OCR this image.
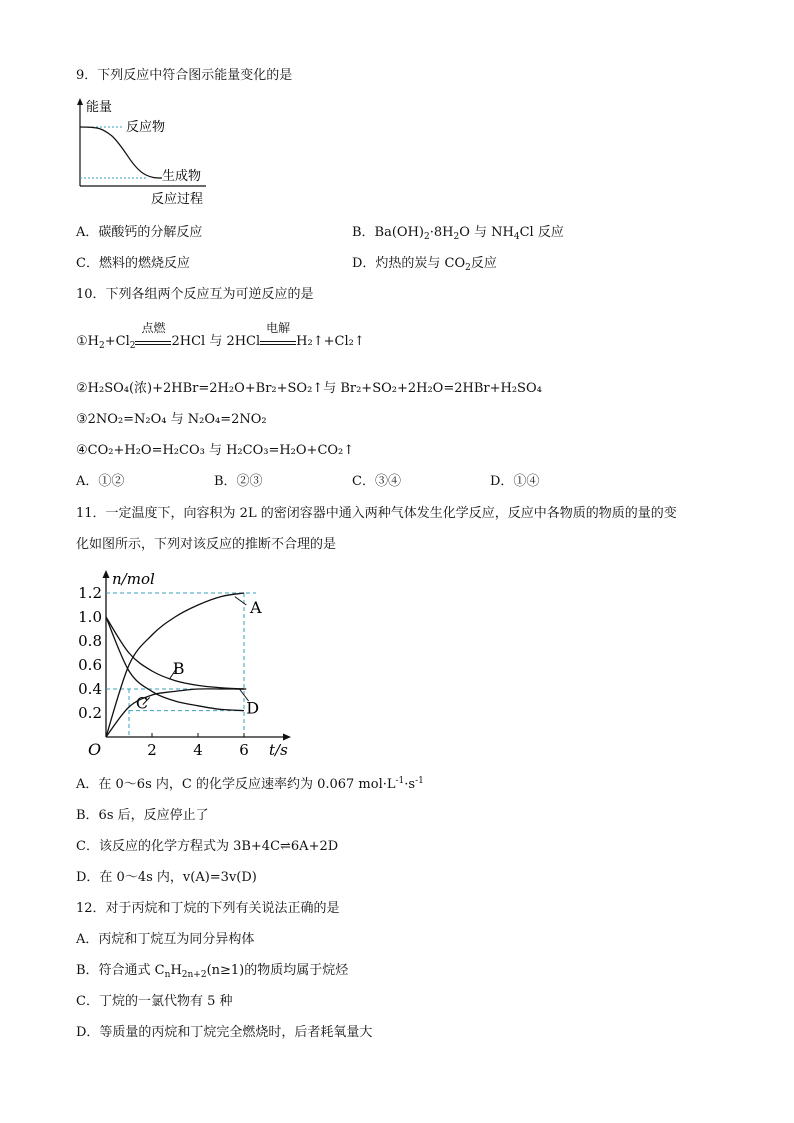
9．下列反应中符合图示能量变化的是
能量
反应物
生成物
反应过程
A．碳酸钙的分解反应	B．$Ba(OH)_2\cdot 8H_2O$ 与 $NH_4Cl$ 反应
C．燃料的燃烧反应	D．灼热的炭与 $CO_2$反应
10．下列各组两个反应互为可逆反应的是
$①H_2+Cl_2$
点燃
2HCl 与 2HCl
电解
H₂↑+Cl₂↑
②H₂SO₄(浓)+2HBr=2H₂O+Br₂+SO₂↑与 Br₂+SO₂+2H₂O=2HBr+H₂SO₄
③2NO₂=N₂O₄ 与 N₂O₄=2NO₂
④CO₂+H₂O=H₂CO₃ 与 H₂CO₃=H₂O+CO₂↑
A．①②	B．②③	C．③④	D．①④
11．一定温度下，向容积为 2L 的密闭容器中通入两种气体发生化学反应，反应中各物质的物质的量的变
化如图所示，下列对该反应的推断不合理的是
0.2
0.4
0.6
0.8
1.0
1.2
2 4 6
O
n/mol
t/s
A
B
C	D
A．在 0～6s 内，C 的化学反应速率约为 0.067 $mol\cdot L^{-1}\cdot s^{-1}$
B．6s 后，反应停止了
C．该反应的化学方程式为 3B+4C⇌6A+2D
D．在 0～4s 内，v(A)=3v(D)
12．对于丙烷和丁烷的下列有关说法正确的是
A．丙烷和丁烷互为同分异构体
B．符合通式 $C_nH_{2n+2}(n\ge 1)$的物质均属于烷烃
C．丁烷的一氯代物有 5 种
D．等质量的丙烷和丁烷完全燃烧时，后者耗氧量大
